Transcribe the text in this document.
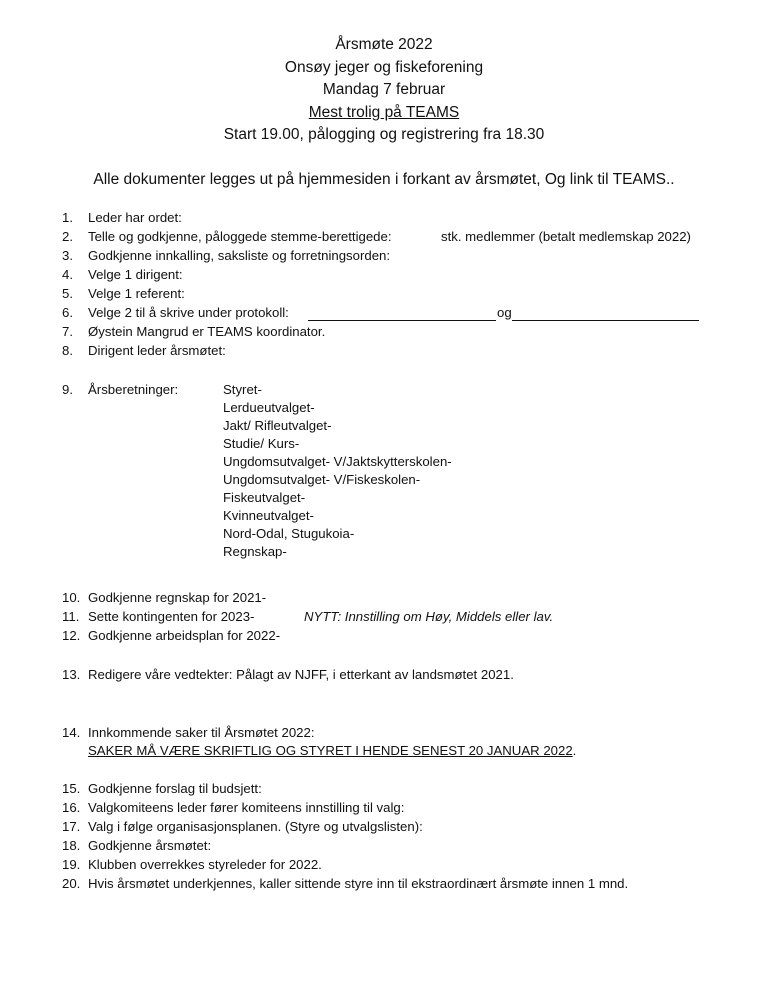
Årsmøte 2022
Onsøy jeger og fiskeforening
Mandag 7 februar
Mest trolig på TEAMS
Start 19.00, pålogging og registrering fra 18.30
Alle dokumenter legges ut på hjemmesiden i forkant av årsmøtet, Og link til TEAMS..
1. Leder har ordet:
2. Telle og godkjenne, påloggede stemme-berettigede:	stk. medlemmer (betalt medlemskap 2022)
3. Godkjenne innkalling, saksliste og forretningsorden:
4. Velge 1 dirigent:
5. Velge 1 referent:
6. Velge 2 til å skrive under protokoll:	og
7. Øystein Mangrud er TEAMS koordinator.
8. Dirigent leder årsmøtet:
9. Årsberetninger:	Styret-
Lerdueutvalget-
Jakt/ Rifleutvalget-
Studie/ Kurs-
Ungdomsutvalget- V/Jaktskytterskolen-
Ungdomsutvalget- V/Fiskeskolen-
Fiskeutvalget-
Kvinneutvalget-
Nord-Odal, Stugukoia-
Regnskap-
10. Godkjenne regnskap for 2021-
11. Sette kontingenten for 2023-	NYTT: Innstilling om Høy, Middels eller lav.
12. Godkjenne arbeidsplan for 2022-
13. Redigere våre vedtekter: Pålagt av NJFF, i etterkant av landsmøtet 2021.
14. Innkommende saker til Årsmøtet 2022:
SAKER MÅ VÆRE SKRIFTLIG OG STYRET I HENDE SENEST 20 JANUAR 2022.
15. Godkjenne forslag til budsjett:
16. Valgkomiteens leder fører komiteens innstilling til valg:
17. Valg i følge organisasjonsplanen. (Styre og utvalgslisten):
18. Godkjenne årsmøtet:
19. Klubben overrekkes styreleder for 2022.
20. Hvis årsmøtet underkjennes, kaller sittende styre inn til ekstraordinært årsmøte innen 1 mnd.
